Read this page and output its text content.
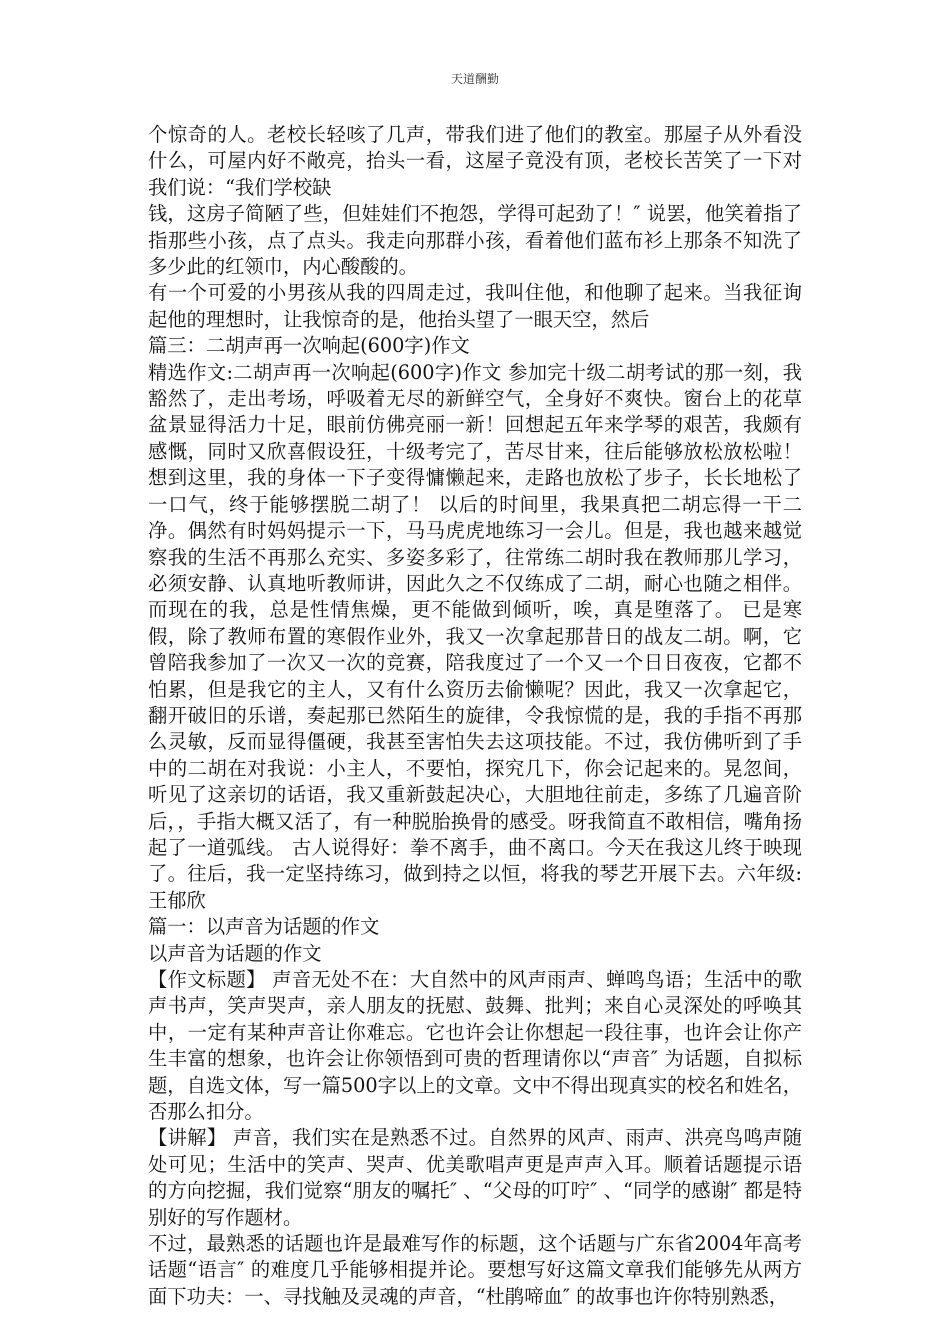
天道酬勤

个惊奇的人。老校长轻咳了几声，带我们进了他们的教室。那屋子从外看没什么，可屋内好不敞亮，抬头一看，这屋子竟没有顶，老校长苦笑了一下对我们说：“我们学校缺

钱，这房子简陋了些，但娃娃们不抱怨，学得可起劲了！″ 说罢，他笑着指了指那些小孩，点了点头。我走向那群小孩，看着他们蓝布衫上那条不知洗了多少此的红领巾，内心酸酸的。

有一个可爱的小男孩从我的四周走过，我叫住他，和他聊了起来。当我征询起他的理想时，让我惊奇的是，他抬头望了一眼天空，然后

篇三：二胡声再一次响起(600字)作文

精选作文:二胡声再一次响起(600字)作文 参加完十级二胡考试的那一刻，我豁然了，走出考场，呼吸着无尽的新鲜空气，全身好不爽快。窗台上的花草盆景显得活力十足，眼前仿佛亮丽一新！回想起五年来学琴的艰苦，我颇有感慨，同时又欣喜假设狂，十级考完了，苦尽甘来，往后能够放松放松啦！想到这里，我的身体一下子变得慵懒起来，走路也放松了步子，长长地松了一口气，终于能够摆脱二胡了！ 以后的时间里，我果真把二胡忘得一干二净。偶然有时妈妈提示一下，马马虎虎地练习一会儿。但是，我也越来越觉察我的生活不再那么充实、多姿多彩了，往常练二胡时我在教师那儿学习，必须安静、认真地听教师讲，因此久之不仅练成了二胡，耐心也随之相伴。而现在的我，总是性情焦燥，更不能做到倾听，唉，真是堕落了。 已是寒假，除了教师布置的寒假作业外，我又一次拿起那昔日的战友二胡。啊，它曾陪我参加了一次又一次的竞赛，陪我度过了一个又一个日日夜夜，它都不怕累，但是我它的主人，又有什么资历去偷懒呢？因此，我又一次拿起它，翻开破旧的乐谱，奏起那已然陌生的旋律，令我惊慌的是，我的手指不再那么灵敏，反而显得僵硬，我甚至害怕失去这项技能。不过，我仿佛听到了手中的二胡在对我说：小主人，不要怕，探究几下，你会记起来的。晃忽间，听见了这亲切的话语，我又重新鼓起决心，大胆地往前走，多练了几遍音阶后，，手指大概又活了，有一种脱胎换骨的感受。呀我简直不敢相信，嘴角扬起了一道弧线。 古人说得好：拳不离手，曲不离口。今天在我这儿终于映现了。往后，我一定坚持练习，做到持之以恒，将我的琴艺开展下去。六年级:王郁欣

篇一：以声音为话题的作文

以声音为话题的作文

【作文标题】 声音无处不在：大自然中的风声雨声、蝉鸣鸟语；生活中的歌声书声，笑声哭声，亲人朋友的抚慰、鼓舞、批判；来自心灵深处的呼唤其中，一定有某种声音让你难忘。它也许会让你想起一段往事，也许会让你产生丰富的想象，也许会让你领悟到可贵的哲理请你以“声音″ 为话题，自拟标题，自选文体，写一篇500字以上的文章。文中不得出现真实的校名和姓名，否那么扣分。

【讲解】 声音，我们实在是熟悉不过。自然界的风声、雨声、洪亮鸟鸣声随处可见；生活中的笑声、哭声、优美歌唱声更是声声入耳。顺着话题提示语的方向挖掘，我们觉察“朋友的嘱托″ 、“父母的叮咛″ 、“同学的感谢″ 都是特别好的写作题材。

不过，最熟悉的话题也许是最难写作的标题，这个话题与广东省2004年高考话题“语言″ 的难度几乎能够相提并论。要想写好这篇文章我们能够先从两方面下功夫：一、寻找触及灵魂的声音，“杜鹃啼血″ 的故事也许你特别熟悉，
